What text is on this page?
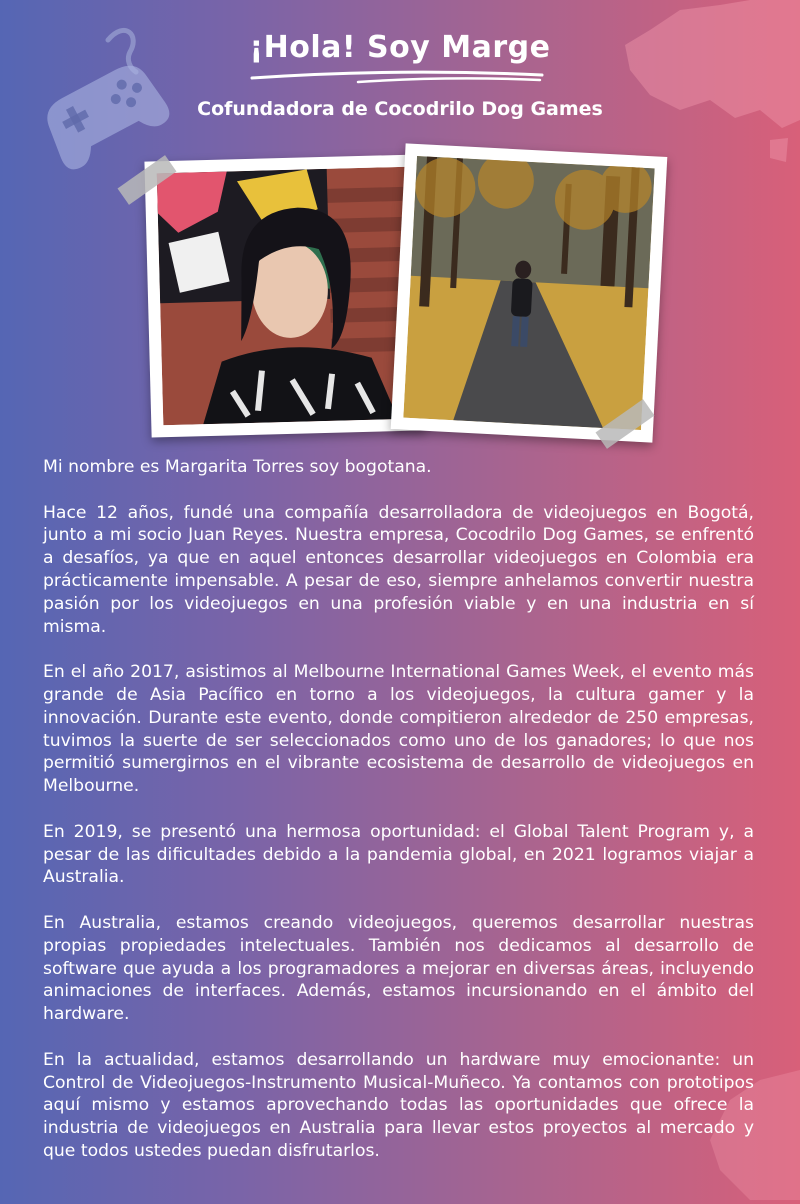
¡Hola! Soy Marge
Cofundadora de Cocodrilo Dog Games

Mi nombre es Margarita Torres soy bogotana.

Hace 12 años, fundé una compañía desarrolladora de videojuegos en Bogotá, junto a mi socio Juan Reyes. Nuestra empresa, Cocodrilo Dog Games, se enfrentó a desafíos, ya que en aquel entonces desarrollar videojuegos en Colombia era prácticamente impensable. A pesar de eso, siempre anhelamos convertir nuestra pasión por los videojuegos en una profesión viable y en una industria en sí misma.

En el año 2017, asistimos al Melbourne International Games Week, el evento más grande de Asia Pacífico en torno a los videojuegos, la cultura gamer y la innovación. Durante este evento, donde compitieron alrededor de 250 empresas, tuvimos la suerte de ser seleccionados como uno de los ganadores; lo que nos permitió sumergirnos en el vibrante ecosistema de desarrollo de videojuegos en Melbourne.

En 2019, se presentó una hermosa oportunidad: el Global Talent Program y, a pesar de las dificultades debido a la pandemia global, en 2021 logramos viajar a Australia.

En Australia, estamos creando videojuegos, queremos desarrollar nuestras propias propiedades intelectuales. También nos dedicamos al desarrollo de software que ayuda a los programadores a mejorar en diversas áreas, incluyendo animaciones de interfaces. Además, estamos incursionando en el ámbito del hardware.

En la actualidad, estamos desarrollando un hardware muy emocionante: un Control de Videojuegos-Instrumento Musical-Muñeco. Ya contamos con prototipos aquí mismo y estamos aprovechando todas las oportunidades que ofrece la industria de videojuegos en Australia para llevar estos proyectos al mercado y que todos ustedes puedan disfrutarlos.
